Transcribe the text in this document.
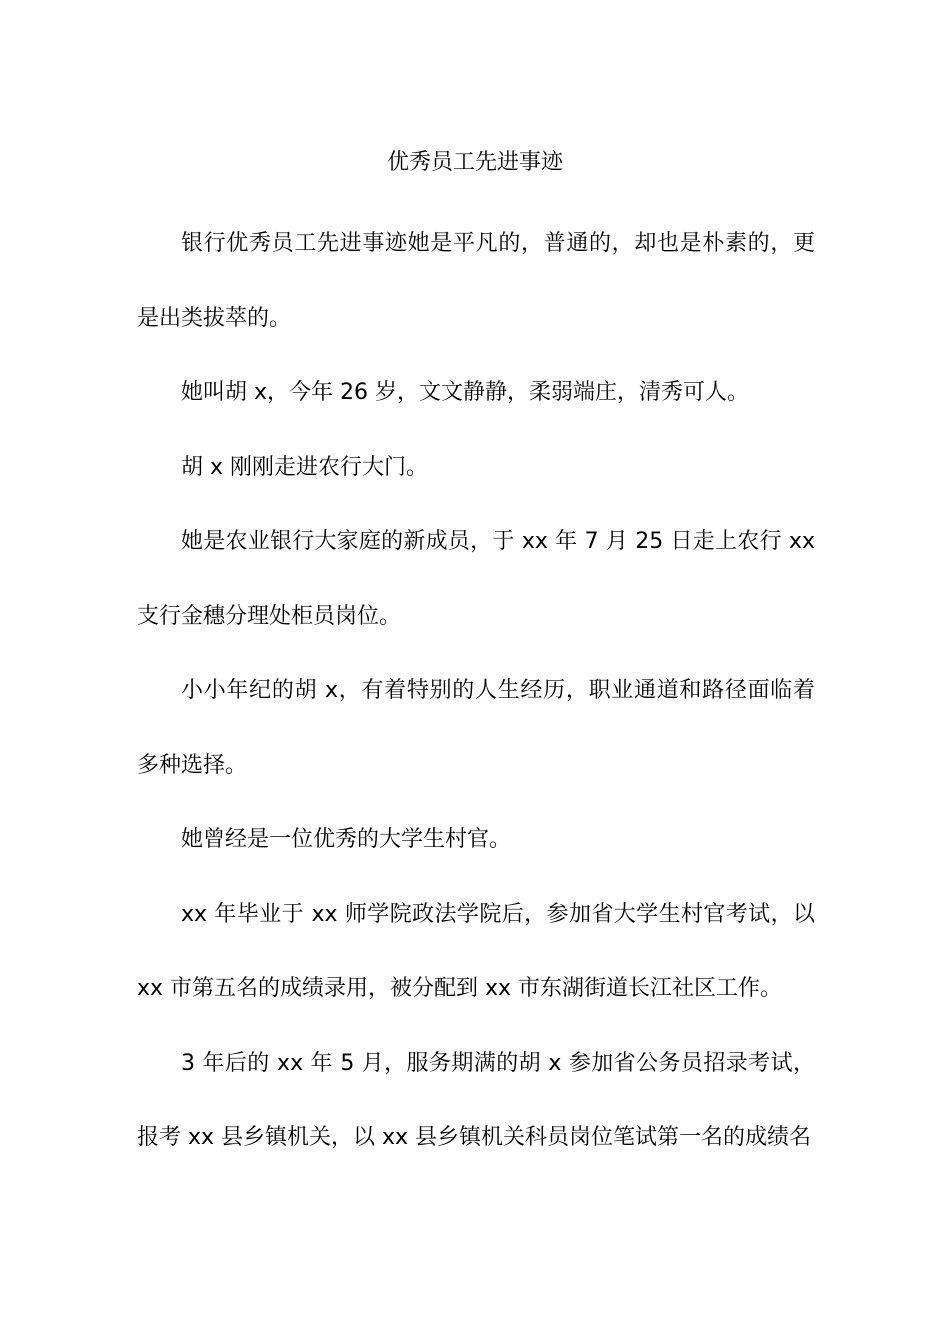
优秀员工先进事迹

银行优秀员工先进事迹她是平凡的，普通的，却也是朴素的，更是出类拔萃的。

她叫胡 x，今年 26 岁，文文静静，柔弱端庄，清秀可人。

胡 x 刚刚走进农行大门。

她是农业银行大家庭的新成员，于 xx 年 7 月 25 日走上农行 xx 支行金穗分理处柜员岗位。

小小年纪的胡 x，有着特别的人生经历，职业通道和路径面临着多种选择。

她曾经是一位优秀的大学生村官。

xx 年毕业于 xx 师学院政法学院后，参加省大学生村官考试，以 xx 市第五名的成绩录用，被分配到 xx 市东湖街道长江社区工作。

3 年后的 xx 年 5 月，服务期满的胡 x 参加省公务员招录考试，报考 xx 县乡镇机关，以 xx 县乡镇机关科员岗位笔试第一名的成绩名
